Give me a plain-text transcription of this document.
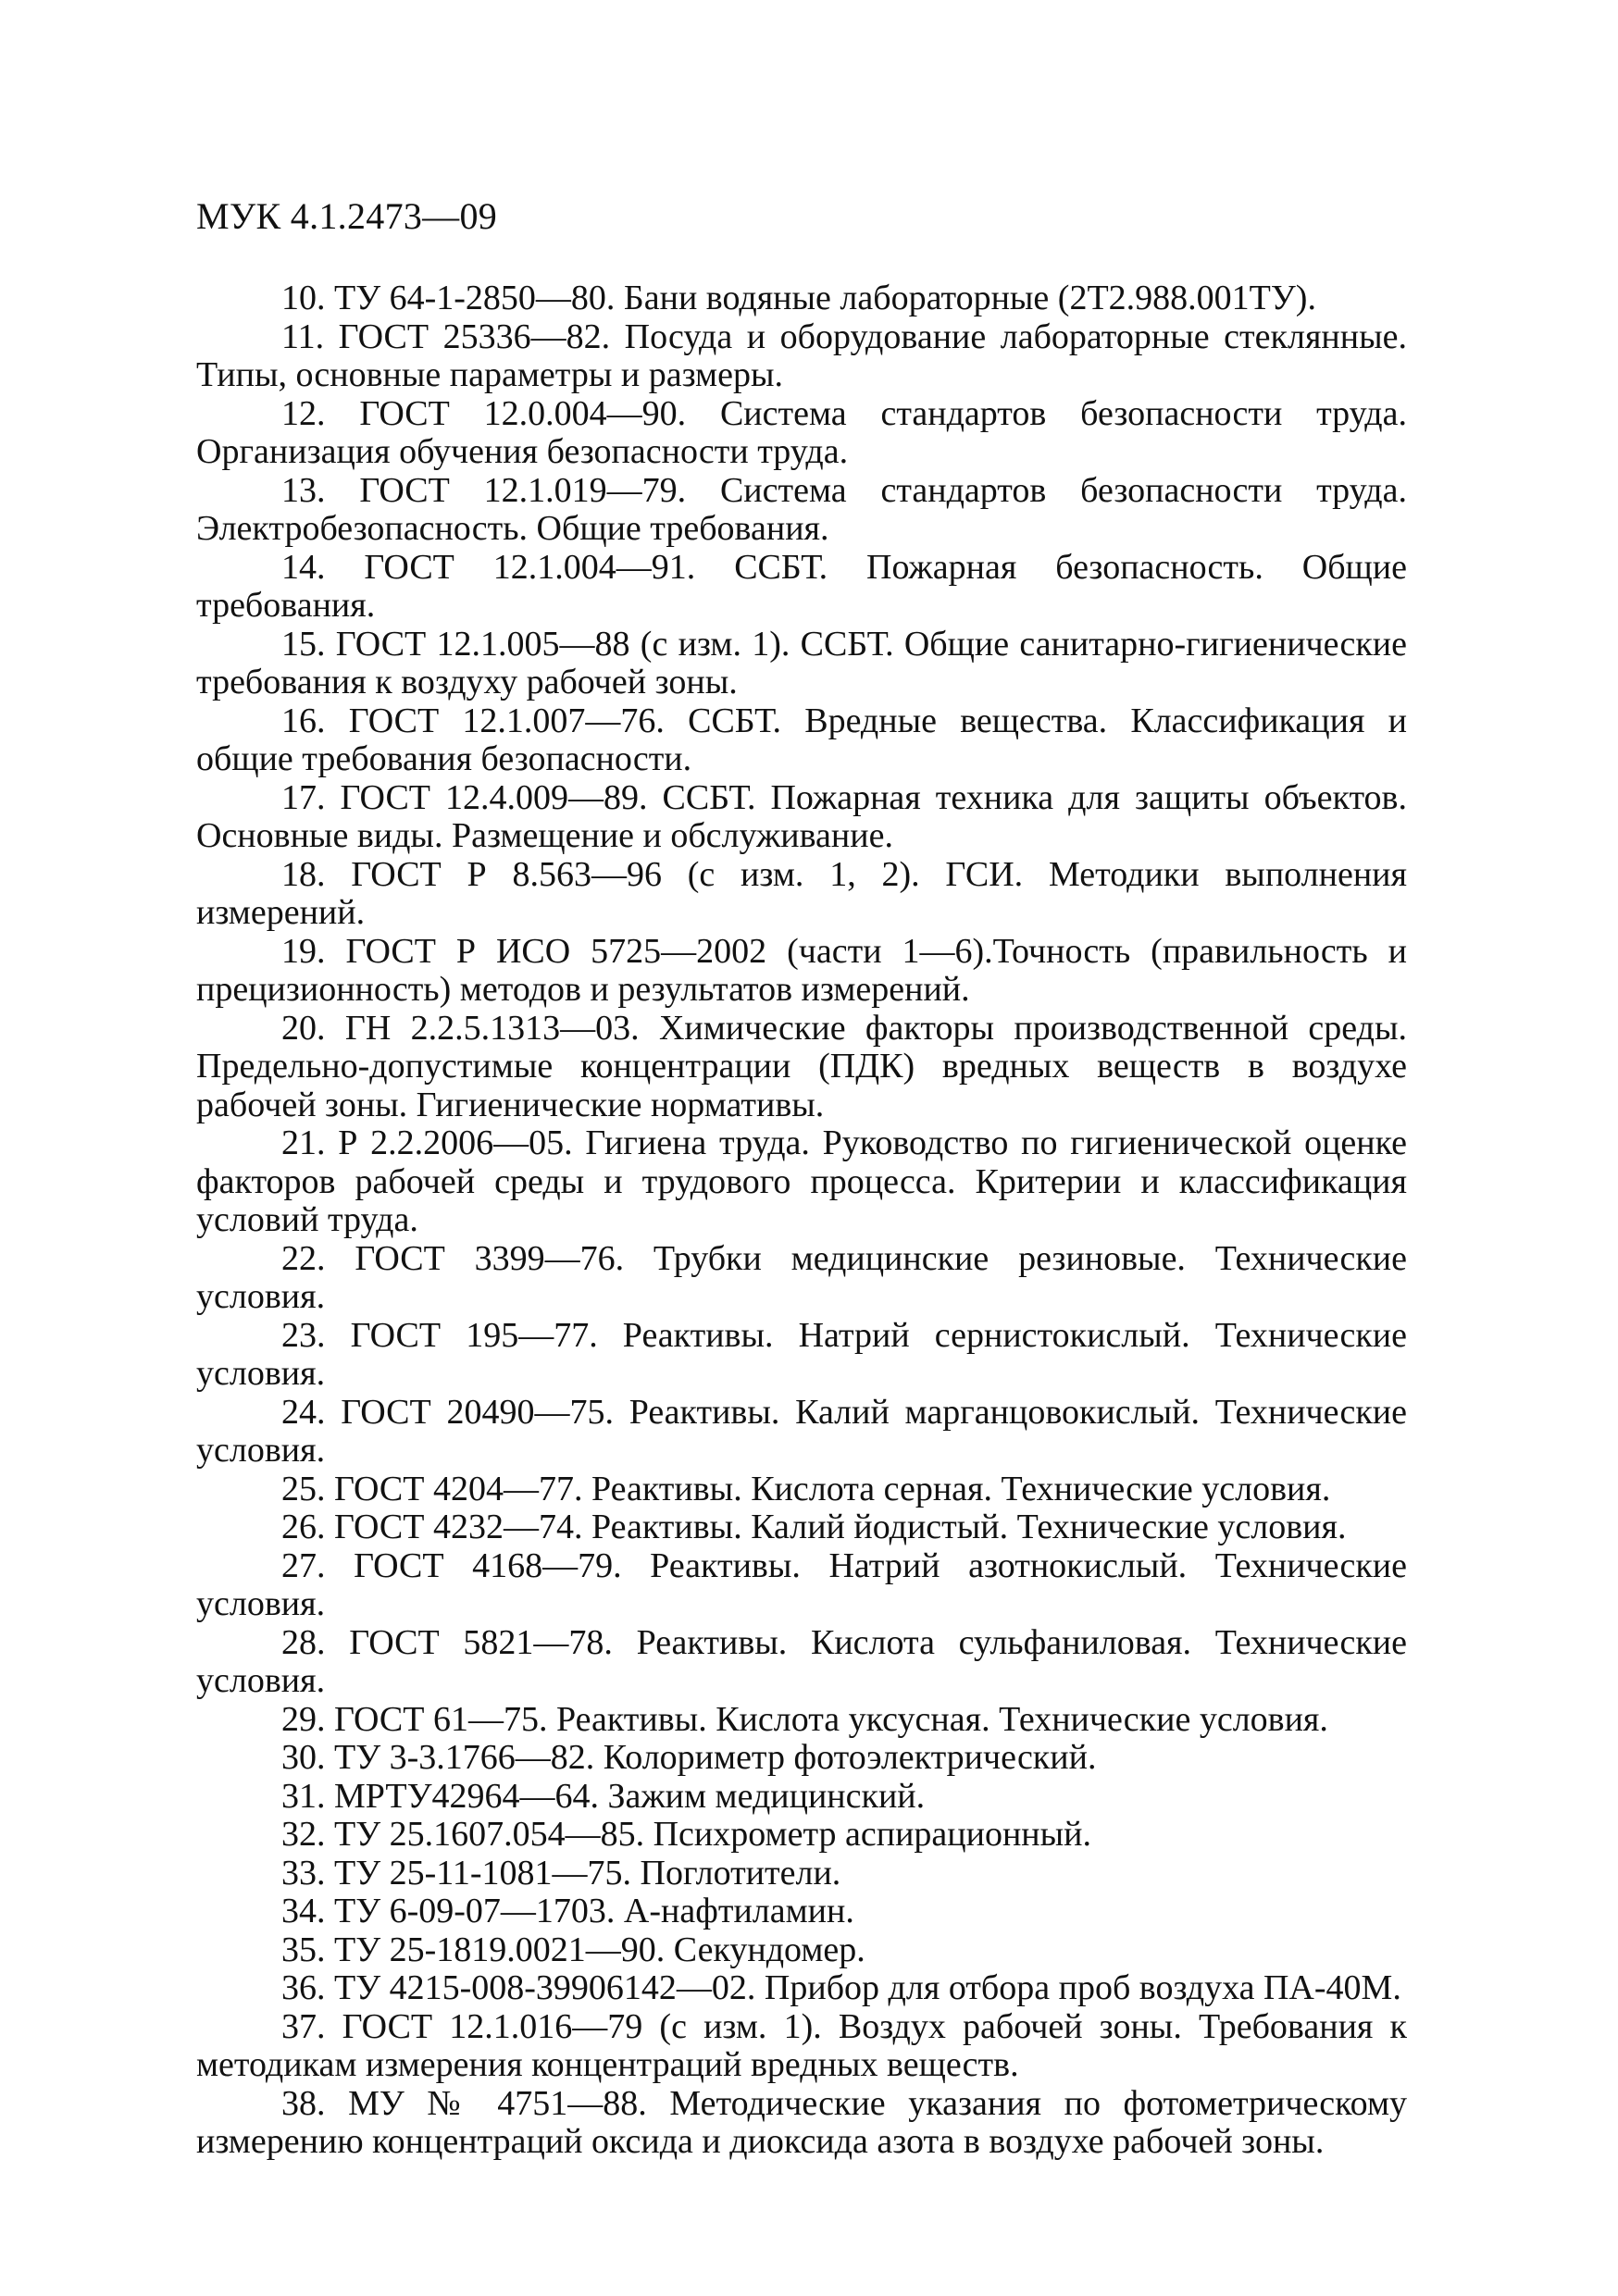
МУК 4.1.2473—09

10. ТУ 64-1-2850—80. Бани водяные лабораторные (2Т2.988.001ТУ).

11. ГОСТ 25336—82. Посуда и оборудование лабораторные стеклянные. Типы, основные параметры и размеры.

12. ГОСТ 12.0.004—90. Система стандартов безопасности труда. Организация обучения безопасности труда.

13. ГОСТ 12.1.019—79. Система стандартов безопасности труда. Электробезопасность. Общие требования.

14. ГОСТ 12.1.004—91. ССБТ. Пожарная безопасность. Общие требования.

15. ГОСТ 12.1.005—88 (с изм. 1). ССБТ. Общие санитарно-гигиенические требования к воздуху рабочей зоны.

16. ГОСТ 12.1.007—76. ССБТ. Вредные вещества. Классификация и общие требования безопасности.

17. ГОСТ 12.4.009—89. ССБТ. Пожарная техника для защиты объектов. Основные виды. Размещение и обслуживание.

18. ГОСТ Р 8.563—96 (с изм. 1, 2). ГСИ. Методики выполнения измерений.

19. ГОСТ Р ИСО 5725—2002 (части 1—6).Точность (правильность и прецизионность) методов и результатов измерений.

20. ГН 2.2.5.1313—03. Химические факторы производственной среды. Предельно-допустимые концентрации (ПДК) вредных веществ в воздухе рабочей зоны. Гигиенические нормативы.

21. Р 2.2.2006—05. Гигиена труда. Руководство по гигиенической оценке факторов рабочей среды и трудового процесса. Критерии и классификация условий труда.

22. ГОСТ 3399—76. Трубки медицинские резиновые. Технические условия.

23. ГОСТ 195—77. Реактивы. Натрий сернистокислый. Технические условия.

24. ГОСТ 20490—75. Реактивы. Калий марганцовокислый. Технические условия.

25. ГОСТ 4204—77. Реактивы. Кислота серная. Технические условия.

26. ГОСТ 4232—74. Реактивы. Калий йодистый. Технические условия.

27. ГОСТ 4168—79. Реактивы. Натрий азотнокислый. Технические условия.

28. ГОСТ 5821—78. Реактивы. Кислота сульфаниловая. Технические условия.

29. ГОСТ 61—75. Реактивы. Кислота уксусная. Технические условия.

30. ТУ 3-3.1766—82. Колориметр фотоэлектрический.

31. МРТУ42964—64. Зажим медицинский.

32. ТУ 25.1607.054—85. Психрометр аспирационный.

33. ТУ 25-11-1081—75. Поглотители.

34. ТУ 6-09-07—1703. А-нафтиламин.

35. ТУ 25-1819.0021—90. Секундомер.

36. ТУ 4215-008-39906142—02. Прибор для отбора проб воздуха ПА-40М.

37. ГОСТ 12.1.016—79 (с изм. 1). Воздух рабочей зоны. Требования к методикам измерения концентраций вредных веществ.

38. МУ № 4751—88. Методические указания по фотометрическому измерению концентраций оксида и диоксида азота в воздухе рабочей зоны.
